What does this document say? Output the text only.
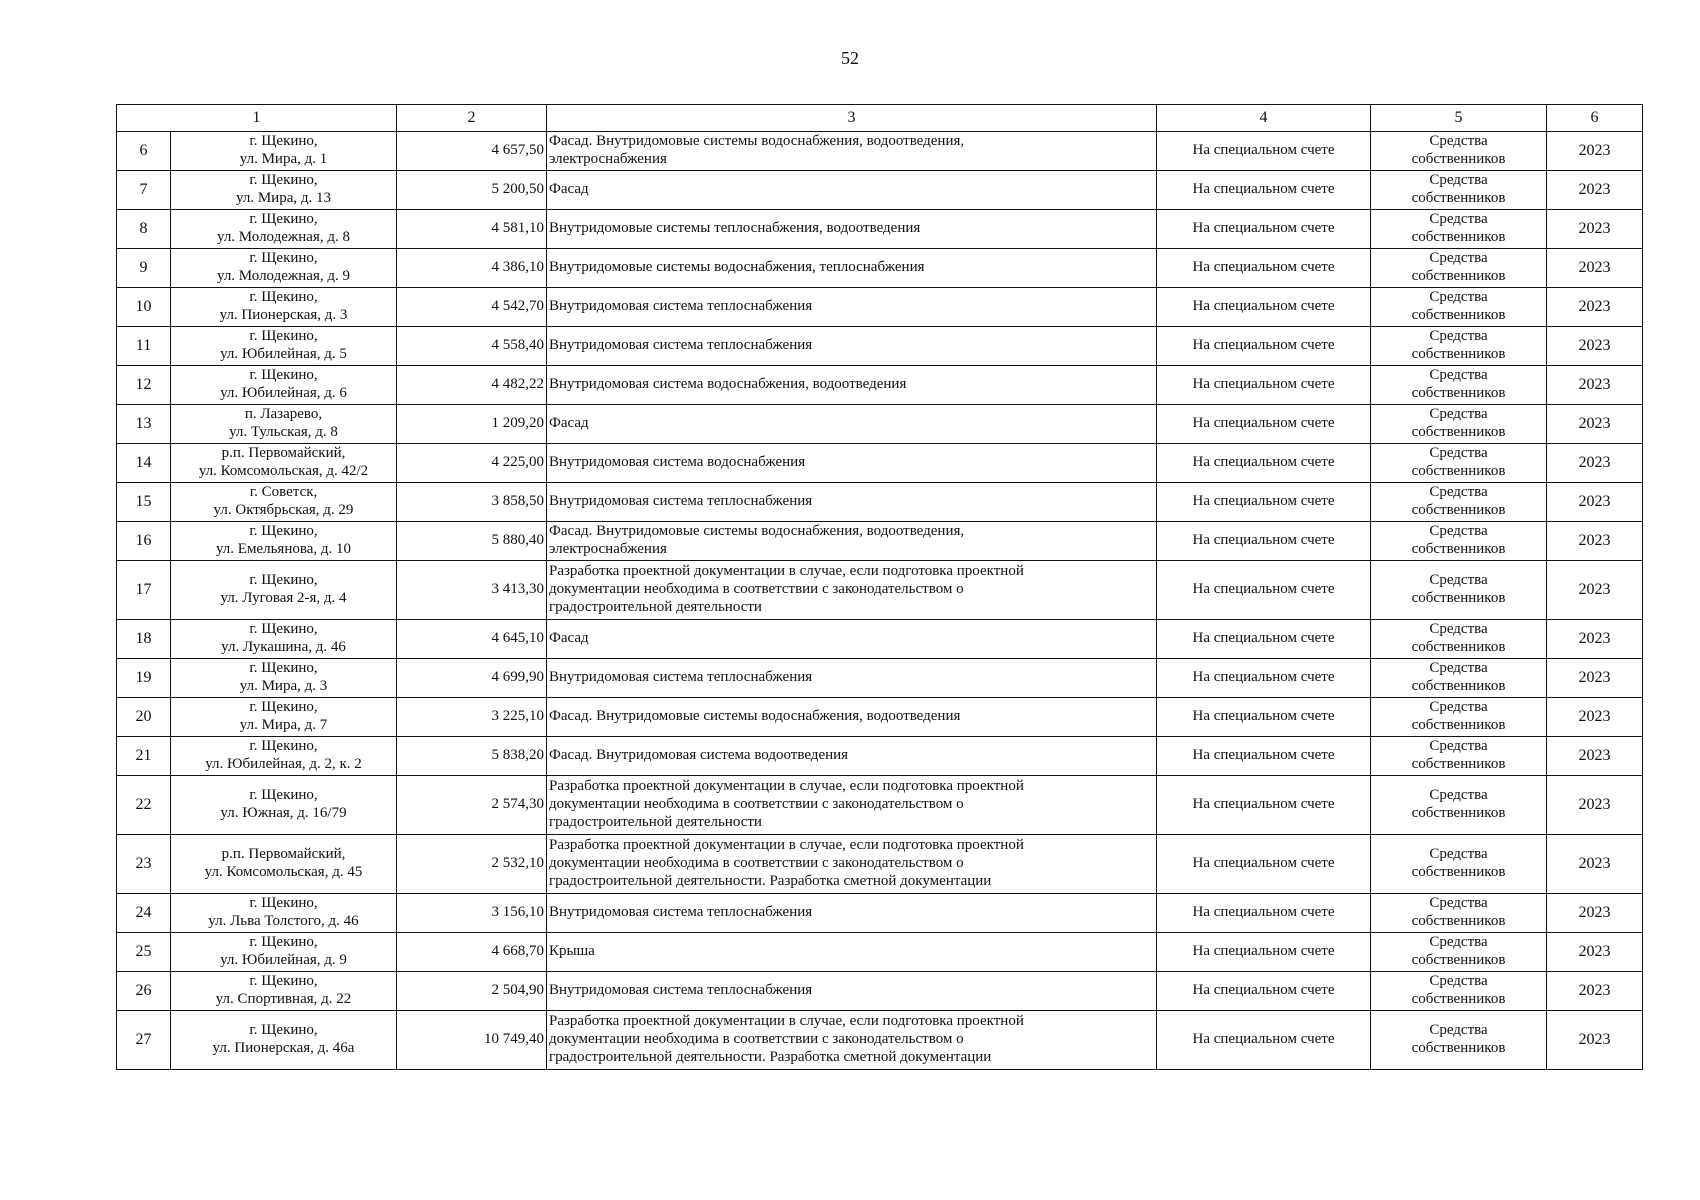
52
1		2	3	4	5	6
6	г. Щекино,
ул. Мира, д. 1	4 657,50	Фасад. Внутридомовые системы водоснабжения, водоотведения,
электроснабжения	На специальном счете	Средства
собственников	2023
7	г. Щекино,
ул. Мира, д. 13	5 200,50	Фасад	На специальном счете	Средства
собственников	2023
8	г. Щекино,
ул. Молодежная, д. 8	4 581,10	Внутридомовые системы теплоснабжения, водоотведения	На специальном счете	Средства
собственников	2023
9	г. Щекино,
ул. Молодежная, д. 9	4 386,10	Внутридомовые системы водоснабжения, теплоснабжения	На специальном счете	Средства
собственников	2023
10	г. Щекино,
ул. Пионерская, д. 3	4 542,70	Внутридомовая система теплоснабжения	На специальном счете	Средства
собственников	2023
11	г. Щекино,
ул. Юбилейная, д. 5	4 558,40	Внутридомовая система теплоснабжения	На специальном счете	Средства
собственников	2023
12	г. Щекино,
ул. Юбилейная, д. 6	4 482,22	Внутридомовая система водоснабжения, водоотведения	На специальном счете	Средства
собственников	2023
13	п. Лазарево,
ул. Тульская, д. 8	1 209,20	Фасад	На специальном счете	Средства
собственников	2023
14	р.п. Первомайский,
ул. Комсомольская, д. 42/2	4 225,00	Внутридомовая система водоснабжения	На специальном счете	Средства
собственников	2023
15	г. Советск,
ул. Октябрьская, д. 29	3 858,50	Внутридомовая система теплоснабжения	На специальном счете	Средства
собственников	2023
16	г. Щекино,
ул. Емельянова, д. 10	5 880,40	Фасад. Внутридомовые системы водоснабжения, водоотведения,
электроснабжения	На специальном счете	Средства
собственников	2023
17	г. Щекино,
ул. Луговая 2-я, д. 4	3 413,30	Разработка проектной документации в случае, если подготовка проектной
документации необходима в соответствии с законодательством о
градостроительной деятельности	На специальном счете	Средства
собственников	2023
18	г. Щекино,
ул. Лукашина, д. 46	4 645,10	Фасад	На специальном счете	Средства
собственников	2023
19	г. Щекино,
ул. Мира, д. 3	4 699,90	Внутридомовая система теплоснабжения	На специальном счете	Средства
собственников	2023
20	г. Щекино,
ул. Мира, д. 7	3 225,10	Фасад. Внутридомовые системы водоснабжения, водоотведения	На специальном счете	Средства
собственников	2023
21	г. Щекино,
ул. Юбилейная, д. 2, к. 2	5 838,20	Фасад. Внутридомовая система водоотведения	На специальном счете	Средства
собственников	2023
22	г. Щекино,
ул. Южная, д. 16/79	2 574,30	Разработка проектной документации в случае, если подготовка проектной
документации необходима в соответствии с законодательством о
градостроительной деятельности	На специальном счете	Средства
собственников	2023
23	р.п. Первомайский,
ул. Комсомольская, д. 45	2 532,10	Разработка проектной документации в случае, если подготовка проектной
документации необходима в соответствии с законодательством о
градостроительной деятельности. Разработка сметной документации	На специальном счете	Средства
собственников	2023
24	г. Щекино,
ул. Льва Толстого, д. 46	3 156,10	Внутридомовая система теплоснабжения	На специальном счете	Средства
собственников	2023
25	г. Щекино,
ул. Юбилейная, д. 9	4 668,70	Крыша	На специальном счете	Средства
собственников	2023
26	г. Щекино,
ул. Спортивная, д. 22	2 504,90	Внутридомовая система теплоснабжения	На специальном счете	Средства
собственников	2023
27	г. Щекино,
ул. Пионерская, д. 46а	10 749,40	Разработка проектной документации в случае, если подготовка проектной
документации необходима в соответствии с законодательством о
градостроительной деятельности. Разработка сметной документации	На специальном счете	Средства
собственников	2023
